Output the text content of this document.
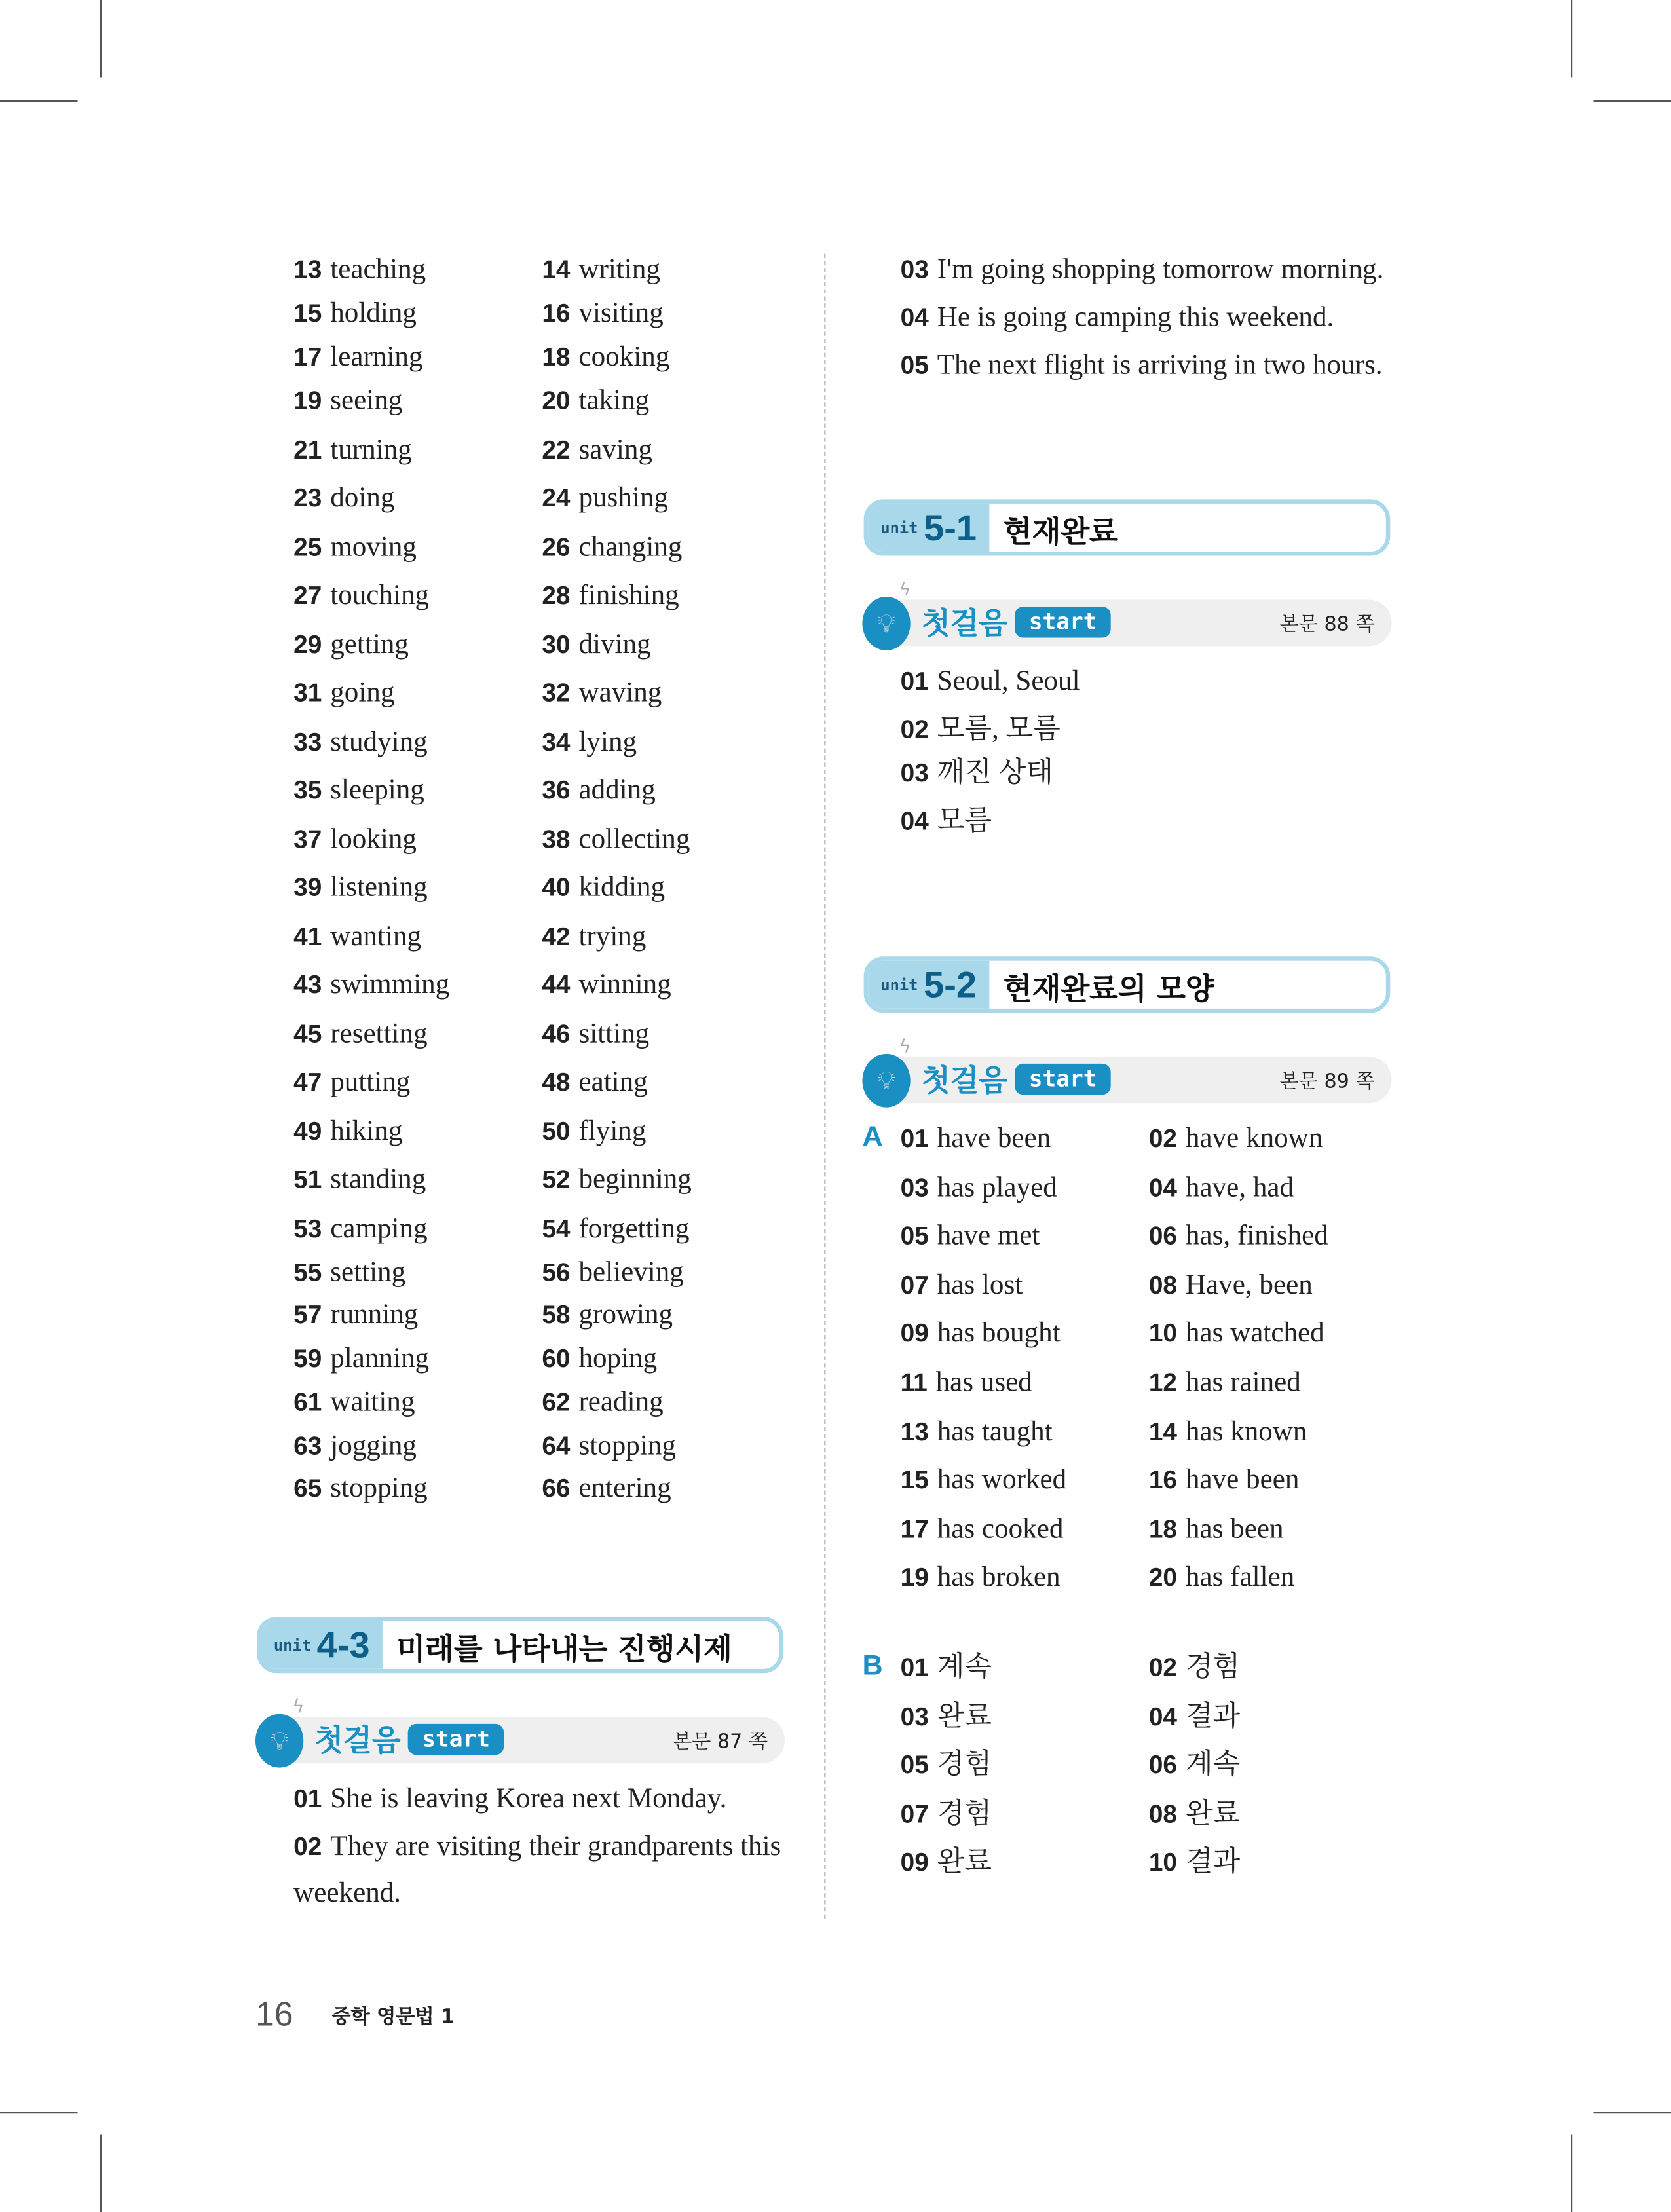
13 teaching	14 writing
15 holding	16 visiting
17 learning	18 cooking
19 seeing	20 taking
21 turning	22 saving
23 doing	24 pushing
25 moving	26 changing
27 touching	28 finishing
29 getting	30 diving
31 going	32 waving
33 studying	34 lying
35 sleeping	36 adding
37 looking	38 collecting
39 listening	40 kidding
41 wanting	42 trying
43 swimming	44 winning
45 resetting	46 sitting
47 putting	48 eating
49 hiking	50 flying
51 standing	52 beginning
53 camping	54 forgetting
55 setting	56 believing
57 running	58 growing
59 planning	60 hoping
61 waiting	62 reading
63 jogging	64 stopping
65 stopping	66 entering
unit 4-3 미래를 나타내는 진행시제
💡︎
ϟ
첫걸음	start	본문 87 쪽
01 She is leaving Korea next Monday.
02 They are visiting their grandparents this
weekend.
03 I'm going shopping tomorrow morning.
04 He is going camping this weekend.
05 The next flight is arriving in two hours.
unit 5-1 현재완료
💡︎
ϟ
첫걸음	start	본문 88 쪽
01 Seoul, Seoul
02 모름, 모름
03 깨진 상태
04 모름
unit 5-2 현재완료의 모양
💡︎
ϟ
첫걸음	start	본문 89 쪽
A 01 have been	02 have known
03 has played	04 have, had
05 have met	06 has, finished
07 has lost	08 Have, been
09 has bought	10 has watched
11 has used	12 has rained
13 has taught	14 has known
15 has worked	16 have been
17 has cooked	18 has been
19 has broken	20 has fallen
B 01 계속	02 경험
03 완료	04 결과
05 경험	06 계속
07 경험	08 완료
09 완료	10 결과
16	중학 영문법 1
